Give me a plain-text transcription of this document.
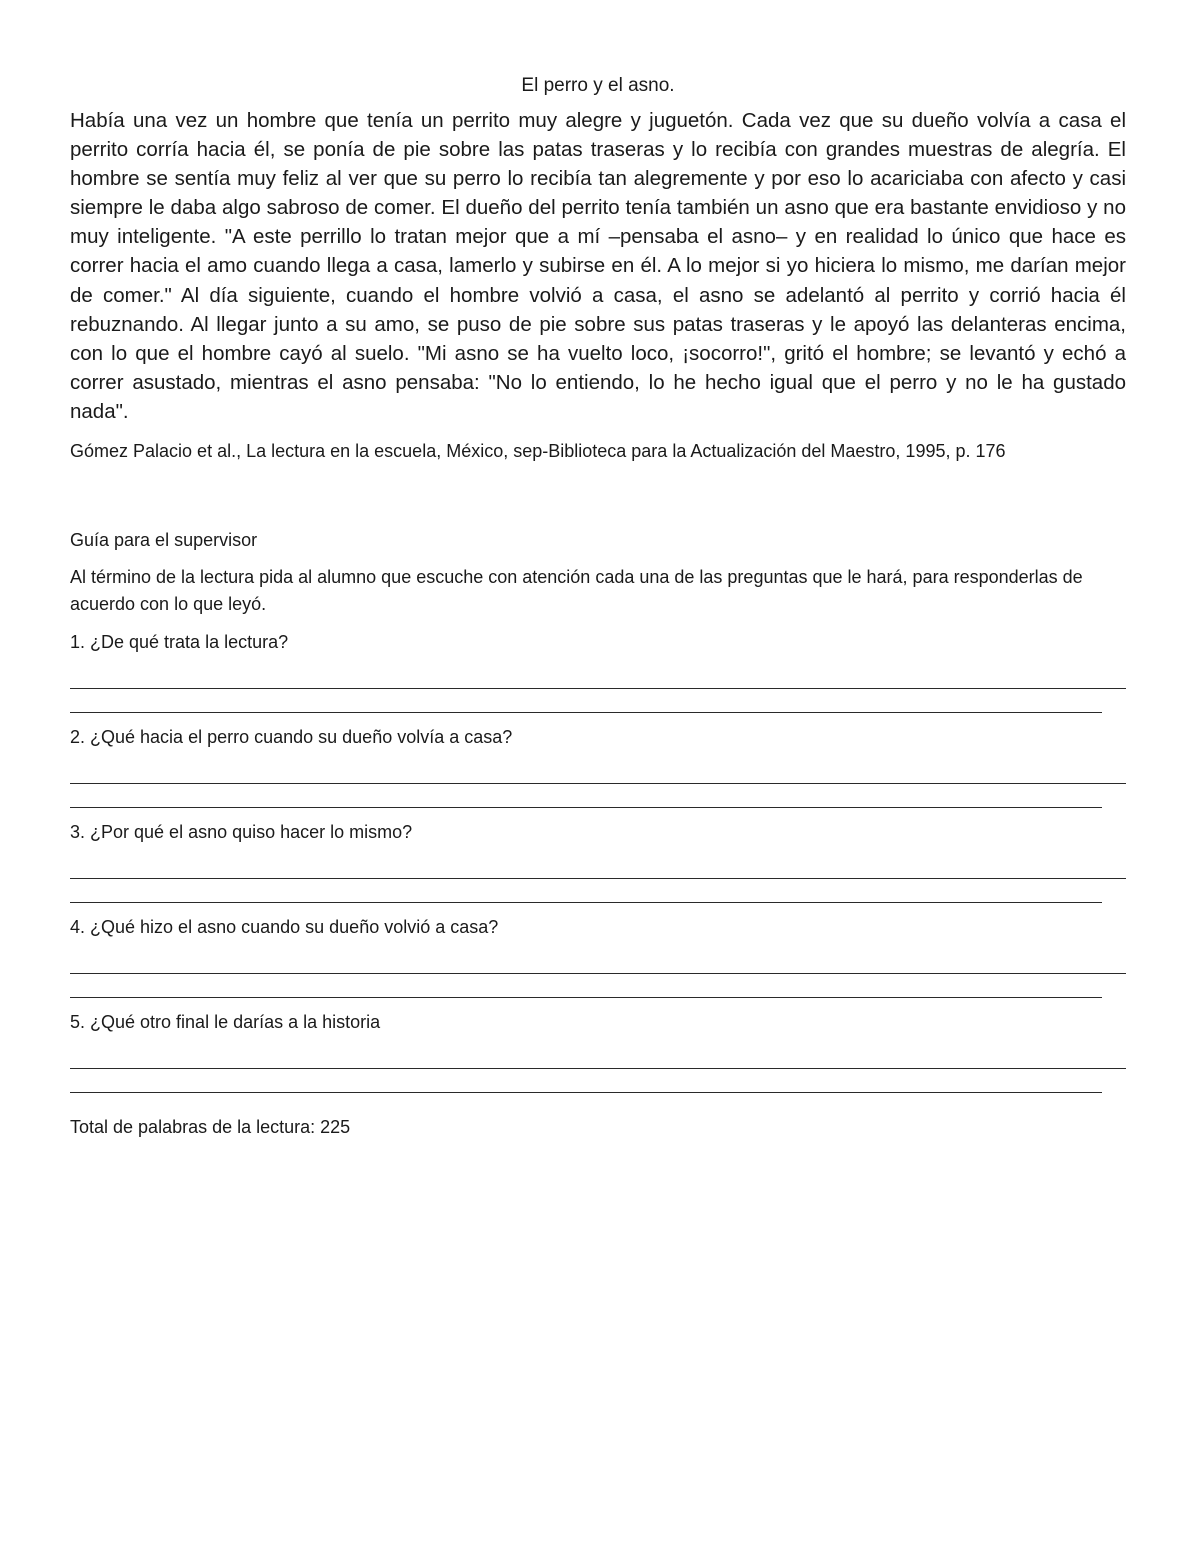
El perro y el asno.

Había una vez un hombre que tenía un perrito muy alegre y juguetón. Cada vez que su dueño volvía a casa el perrito corría hacia él, se ponía de pie sobre las patas traseras y lo recibía con grandes muestras de alegría. El hombre se sentía muy feliz al ver que su perro lo recibía tan alegremente y por eso lo acariciaba con afecto y casi siempre le daba algo sabroso de comer. El dueño del perrito tenía también un asno que era bastante envidioso y no muy inteligente. "A este perrillo lo tratan mejor que a mí –pensaba el asno– y en realidad lo único que hace es correr hacia el amo cuando llega a casa, lamerlo y subirse en él. A lo mejor si yo hiciera lo mismo, me darían mejor de comer." Al día siguiente, cuando el hombre volvió a casa, el asno se adelantó al perrito y corrió hacia él rebuznando. Al llegar junto a su amo, se puso de pie sobre sus patas traseras y le apoyó las delanteras encima, con lo que el hombre cayó al suelo. "Mi asno se ha vuelto loco, ¡socorro!", gritó el hombre; se levantó y echó a correr asustado, mientras el asno pensaba: "No lo entiendo, lo he hecho igual que el perro y no le ha gustado nada".

Gómez Palacio et al., La lectura en la escuela, México, sep-Biblioteca para la Actualización del Maestro, 1995, p. 176

Guía para el supervisor

Al término de la lectura pida al alumno que escuche con atención cada una de las preguntas que le hará, para responderlas de acuerdo con lo que leyó.

1. ¿De qué trata la lectura?
2. ¿Qué hacia el perro cuando su dueño volvía a casa?
3. ¿Por qué el asno quiso hacer lo mismo?
4. ¿Qué hizo el asno cuando su dueño volvió a casa?
5. ¿Qué otro final le darías a la historia
Total de palabras de la lectura: 225
